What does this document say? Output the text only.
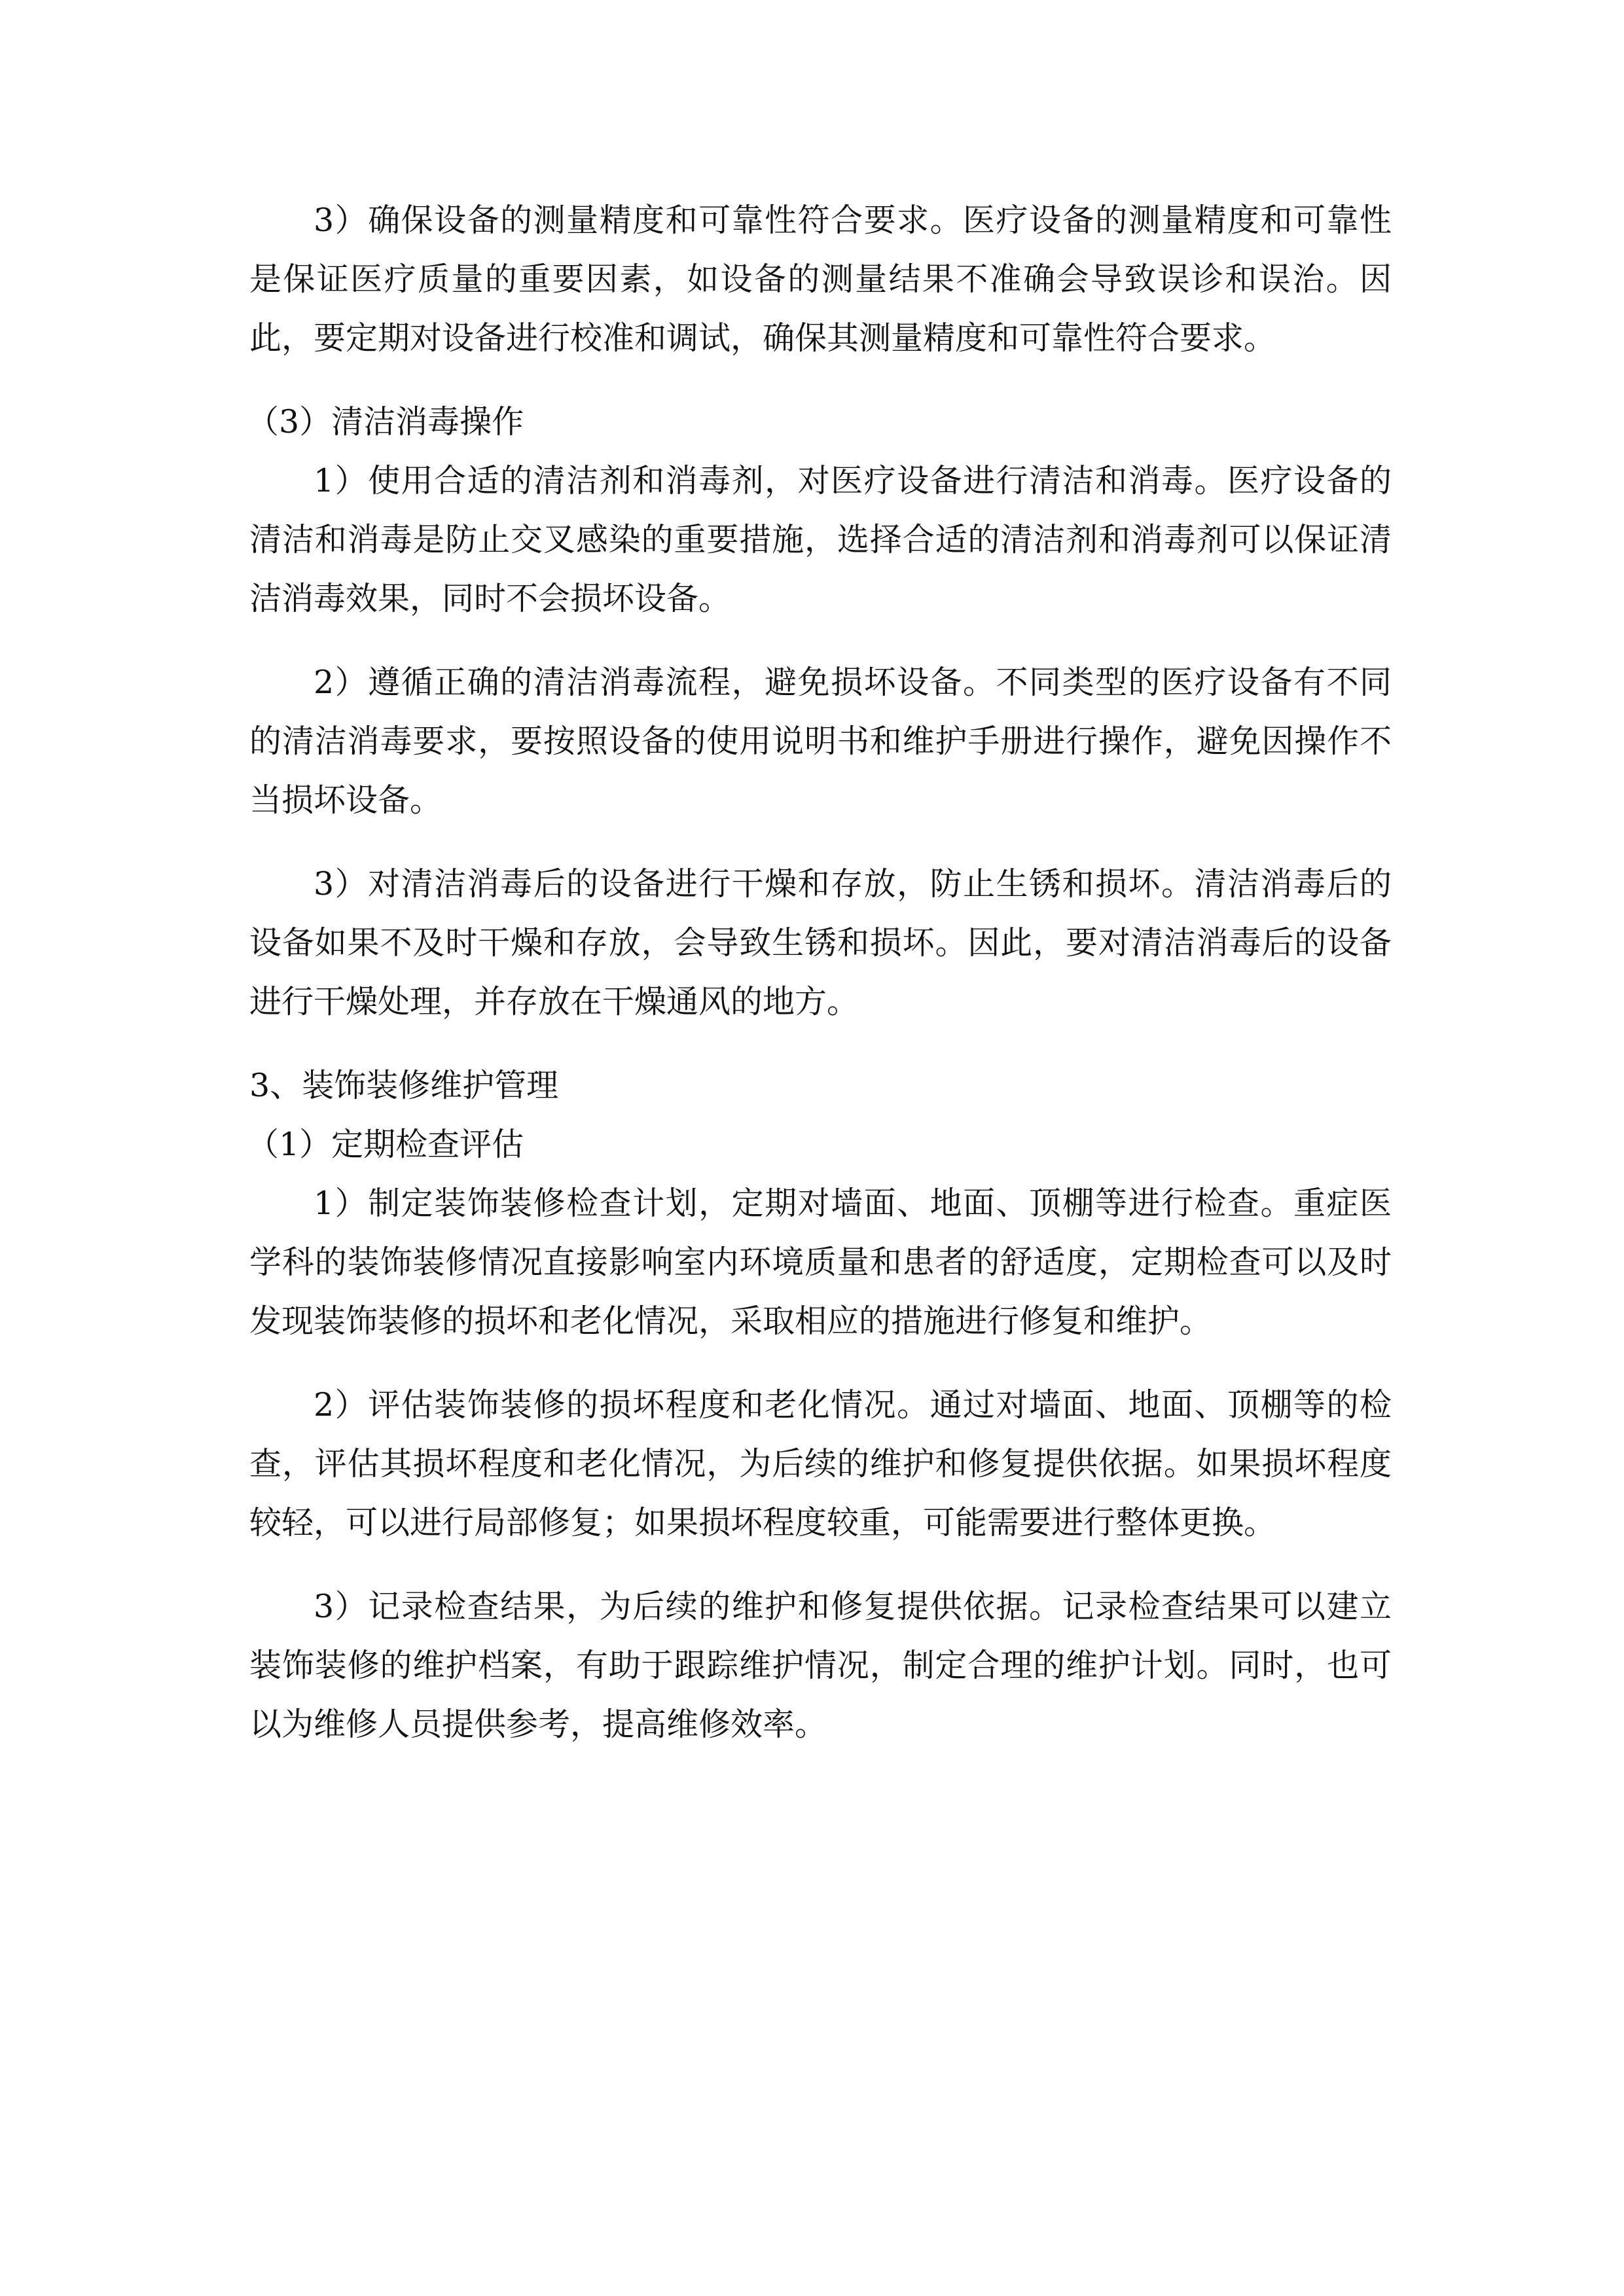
3）确保设备的测量精度和可靠性符合要求。医疗设备的测量精度和可靠性是保证医疗质量的重要因素，如设备的测量结果不准确会导致误诊和误治。因此，要定期对设备进行校准和调试，确保其测量精度和可靠性符合要求。

（3）清洁消毒操作

1）使用合适的清洁剂和消毒剂，对医疗设备进行清洁和消毒。医疗设备的清洁和消毒是防止交叉感染的重要措施，选择合适的清洁剂和消毒剂可以保证清洁消毒效果，同时不会损坏设备。

2）遵循正确的清洁消毒流程，避免损坏设备。不同类型的医疗设备有不同的清洁消毒要求，要按照设备的使用说明书和维护手册进行操作，避免因操作不当损坏设备。

3）对清洁消毒后的设备进行干燥和存放，防止生锈和损坏。清洁消毒后的设备如果不及时干燥和存放，会导致生锈和损坏。因此，要对清洁消毒后的设备进行干燥处理，并存放在干燥通风的地方。

3、装饰装修维护管理

（1）定期检查评估

1）制定装饰装修检查计划，定期对墙面、地面、顶棚等进行检查。重症医学科的装饰装修情况直接影响室内环境质量和患者的舒适度，定期检查可以及时发现装饰装修的损坏和老化情况，采取相应的措施进行修复和维护。

2）评估装饰装修的损坏程度和老化情况。通过对墙面、地面、顶棚等的检查，评估其损坏程度和老化情况，为后续的维护和修复提供依据。如果损坏程度较轻，可以进行局部修复；如果损坏程度较重，可能需要进行整体更换。

3）记录检查结果，为后续的维护和修复提供依据。记录检查结果可以建立装饰装修的维护档案，有助于跟踪维护情况，制定合理的维护计划。同时，也可以为维修人员提供参考，提高维修效率。
